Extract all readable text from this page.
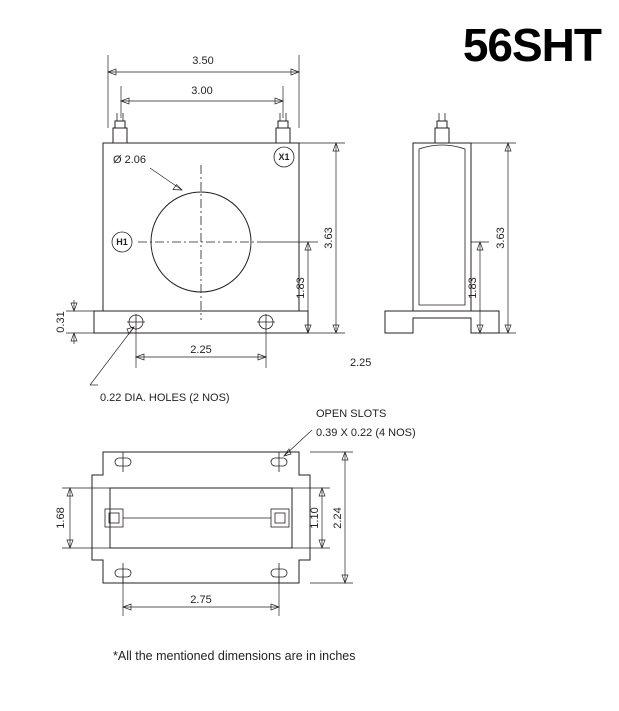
56SHT
H1
X1
3.50
3.00
Ø 2.06
3.63
1.83
0.31
2.25
0.22 DIA. HOLES (2 NOS)
3.63
1.83
2.25
1.68	1.10 2.24
2.75
OPEN SLOTS
0.39 X 0.22 (4 NOS)
*All the mentioned dimensions are in inches
